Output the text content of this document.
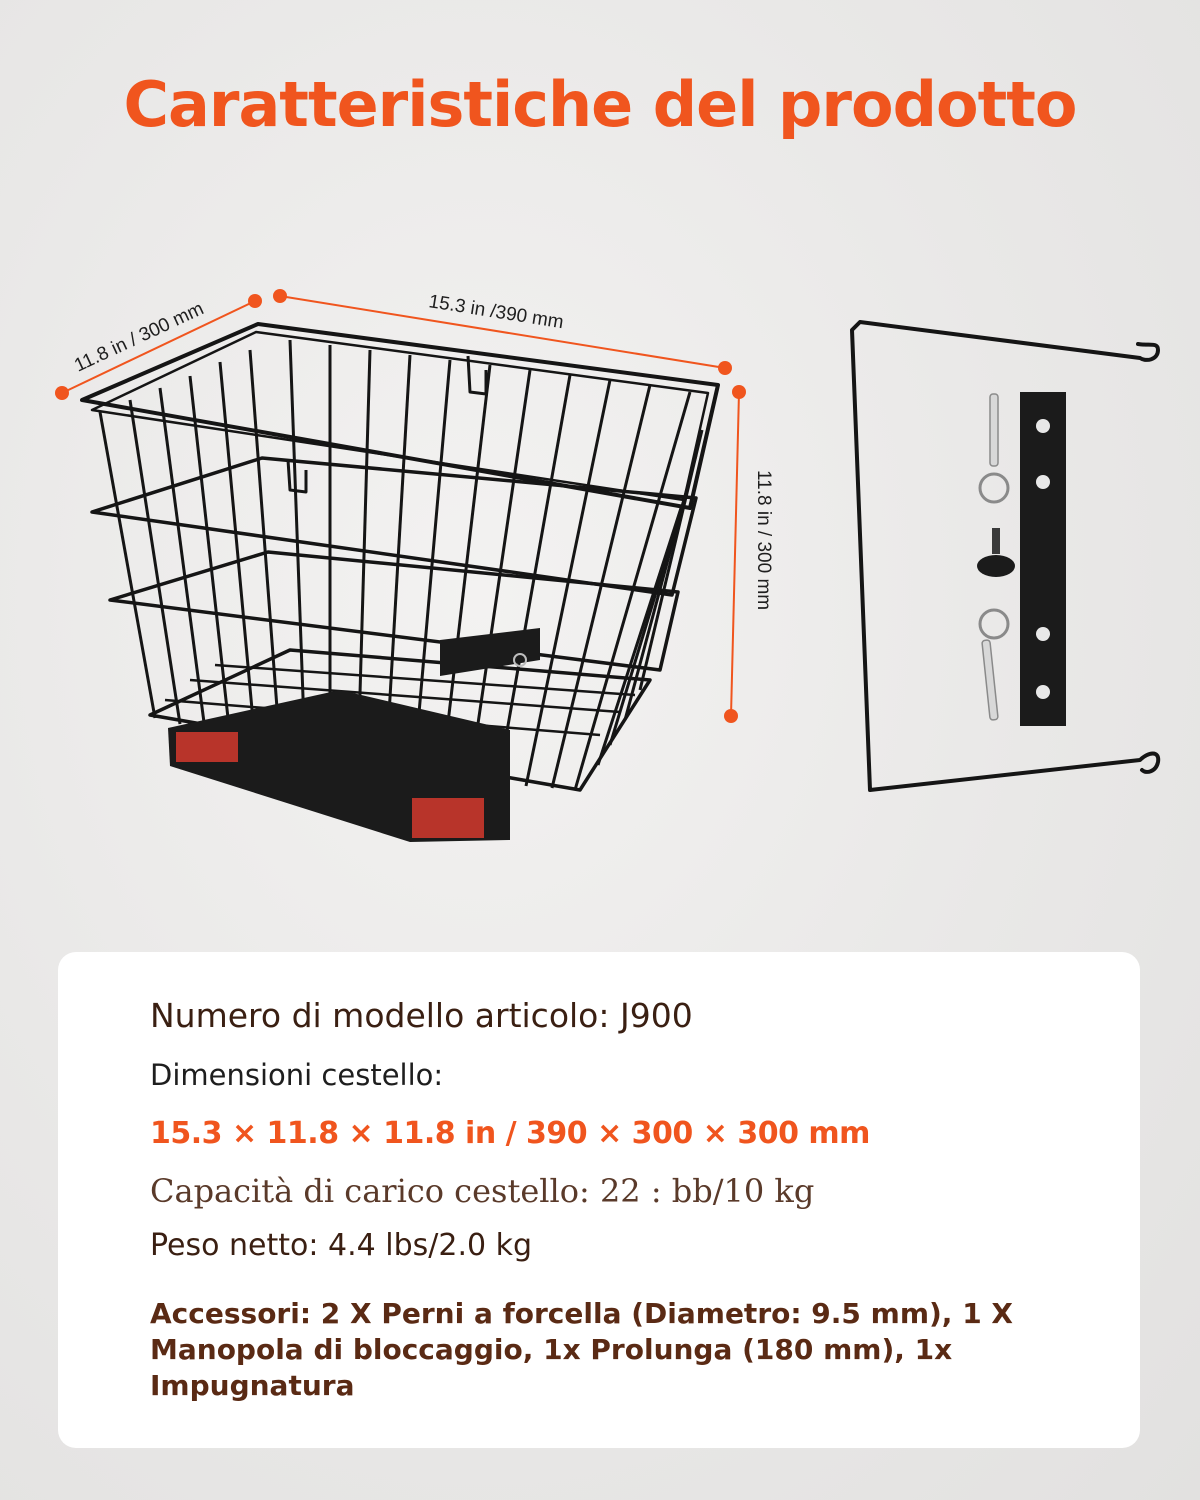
Caratteristiche del prodotto
11.8 in / 300 mm	15.3 in /390 mm
11.8 in / 300 mm

Numero di modello articolo: J900

Dimensioni cestello:

15.3 × 11.8 × 11.8 in / 390 × 300 × 300 mm

Capacità di carico cestello: 22 : bb/10 kg

Peso netto: 4.4 lbs/2.0 kg

Accessori: 2 X Perni a forcella (Diametro: 9.5 mm), 1 X Manopola di bloccaggio, 1x Prolunga (180 mm), 1x Impugnatura
